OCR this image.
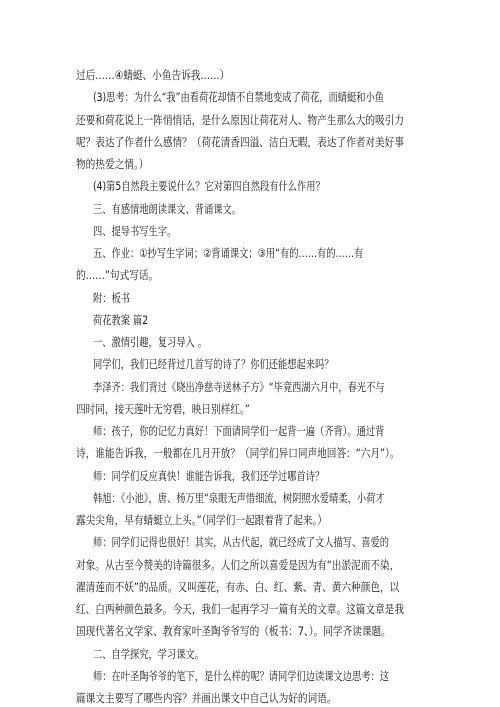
过后……④蜻蜓、小鱼告诉我……）
(3)思考：为什么“我”由看荷花却情不自禁地变成了荷花，而蜻蜓和小鱼
还要和荷花说上一阵悄悄话，是什么原因让荷花对人、物产生那么大的吸引力
呢？表达了作者什么感情？（荷花清香四溢、洁白无暇，表达了作者对美好事
物的热爱之情。）
(4)第5自然段主要说什么？它对第四自然段有什么作用？
三、有感情地朗读课文、背诵课文。
四、提导书写生字。
五、作业：①抄写生字词；②背诵课文；③用“有的……有的……有
的……”句式写话。
附：板书
荷花教案 篇2
一、激情引趣，复习导入 。
同学们，我们已经背过几首写的诗了？你们还能想起来吗？
李泽齐：我们背过《晓出净慈寺送林子方》“毕竟西湖六月中，春光不与
四时同，接天莲叶无穷碧，映日别样红。”
师：孩子，你的记忆力真好！下面请同学们一起背一遍（齐背）。通过背
诗，谁能告诉我，一般都在几月开放？（同学们异口同声地回答：“六月”）。
师：同学们反应真快！谁能告诉我，我们还学过哪首诗？
韩旭：《小池》，唐、杨万里“泉眼无声惜细流，树阴照水爱晴柔，小荷才
露尖尖角，早有蜻蜓立上头。”（同学们一起跟着背了起来。）
师：同学们记得也很好！其实，从古代起，就已经成了文人描写、喜爱的
对象。从古至今赞美的诗篇很多。人们之所以喜爱是因为有“出淤泥而不染，
濯清莲而不妖”的品质。又叫莲花，有赤、白、红、紫、青、黄六种颜色，以
红、白两种颜色最多。今天，我们一起再学习一篇有关的文章。这篇文章是我
国现代著名文学家、教育家叶圣陶爷爷写的（板书：7、）。同学齐读课题。
二、自学探究，学习课文。
师：在叶圣陶爷爷的笔下，是什么样的呢？请同学们边读课文边思考：这
篇课文主要写了哪些内容？并画出课文中自己认为好的词语。
